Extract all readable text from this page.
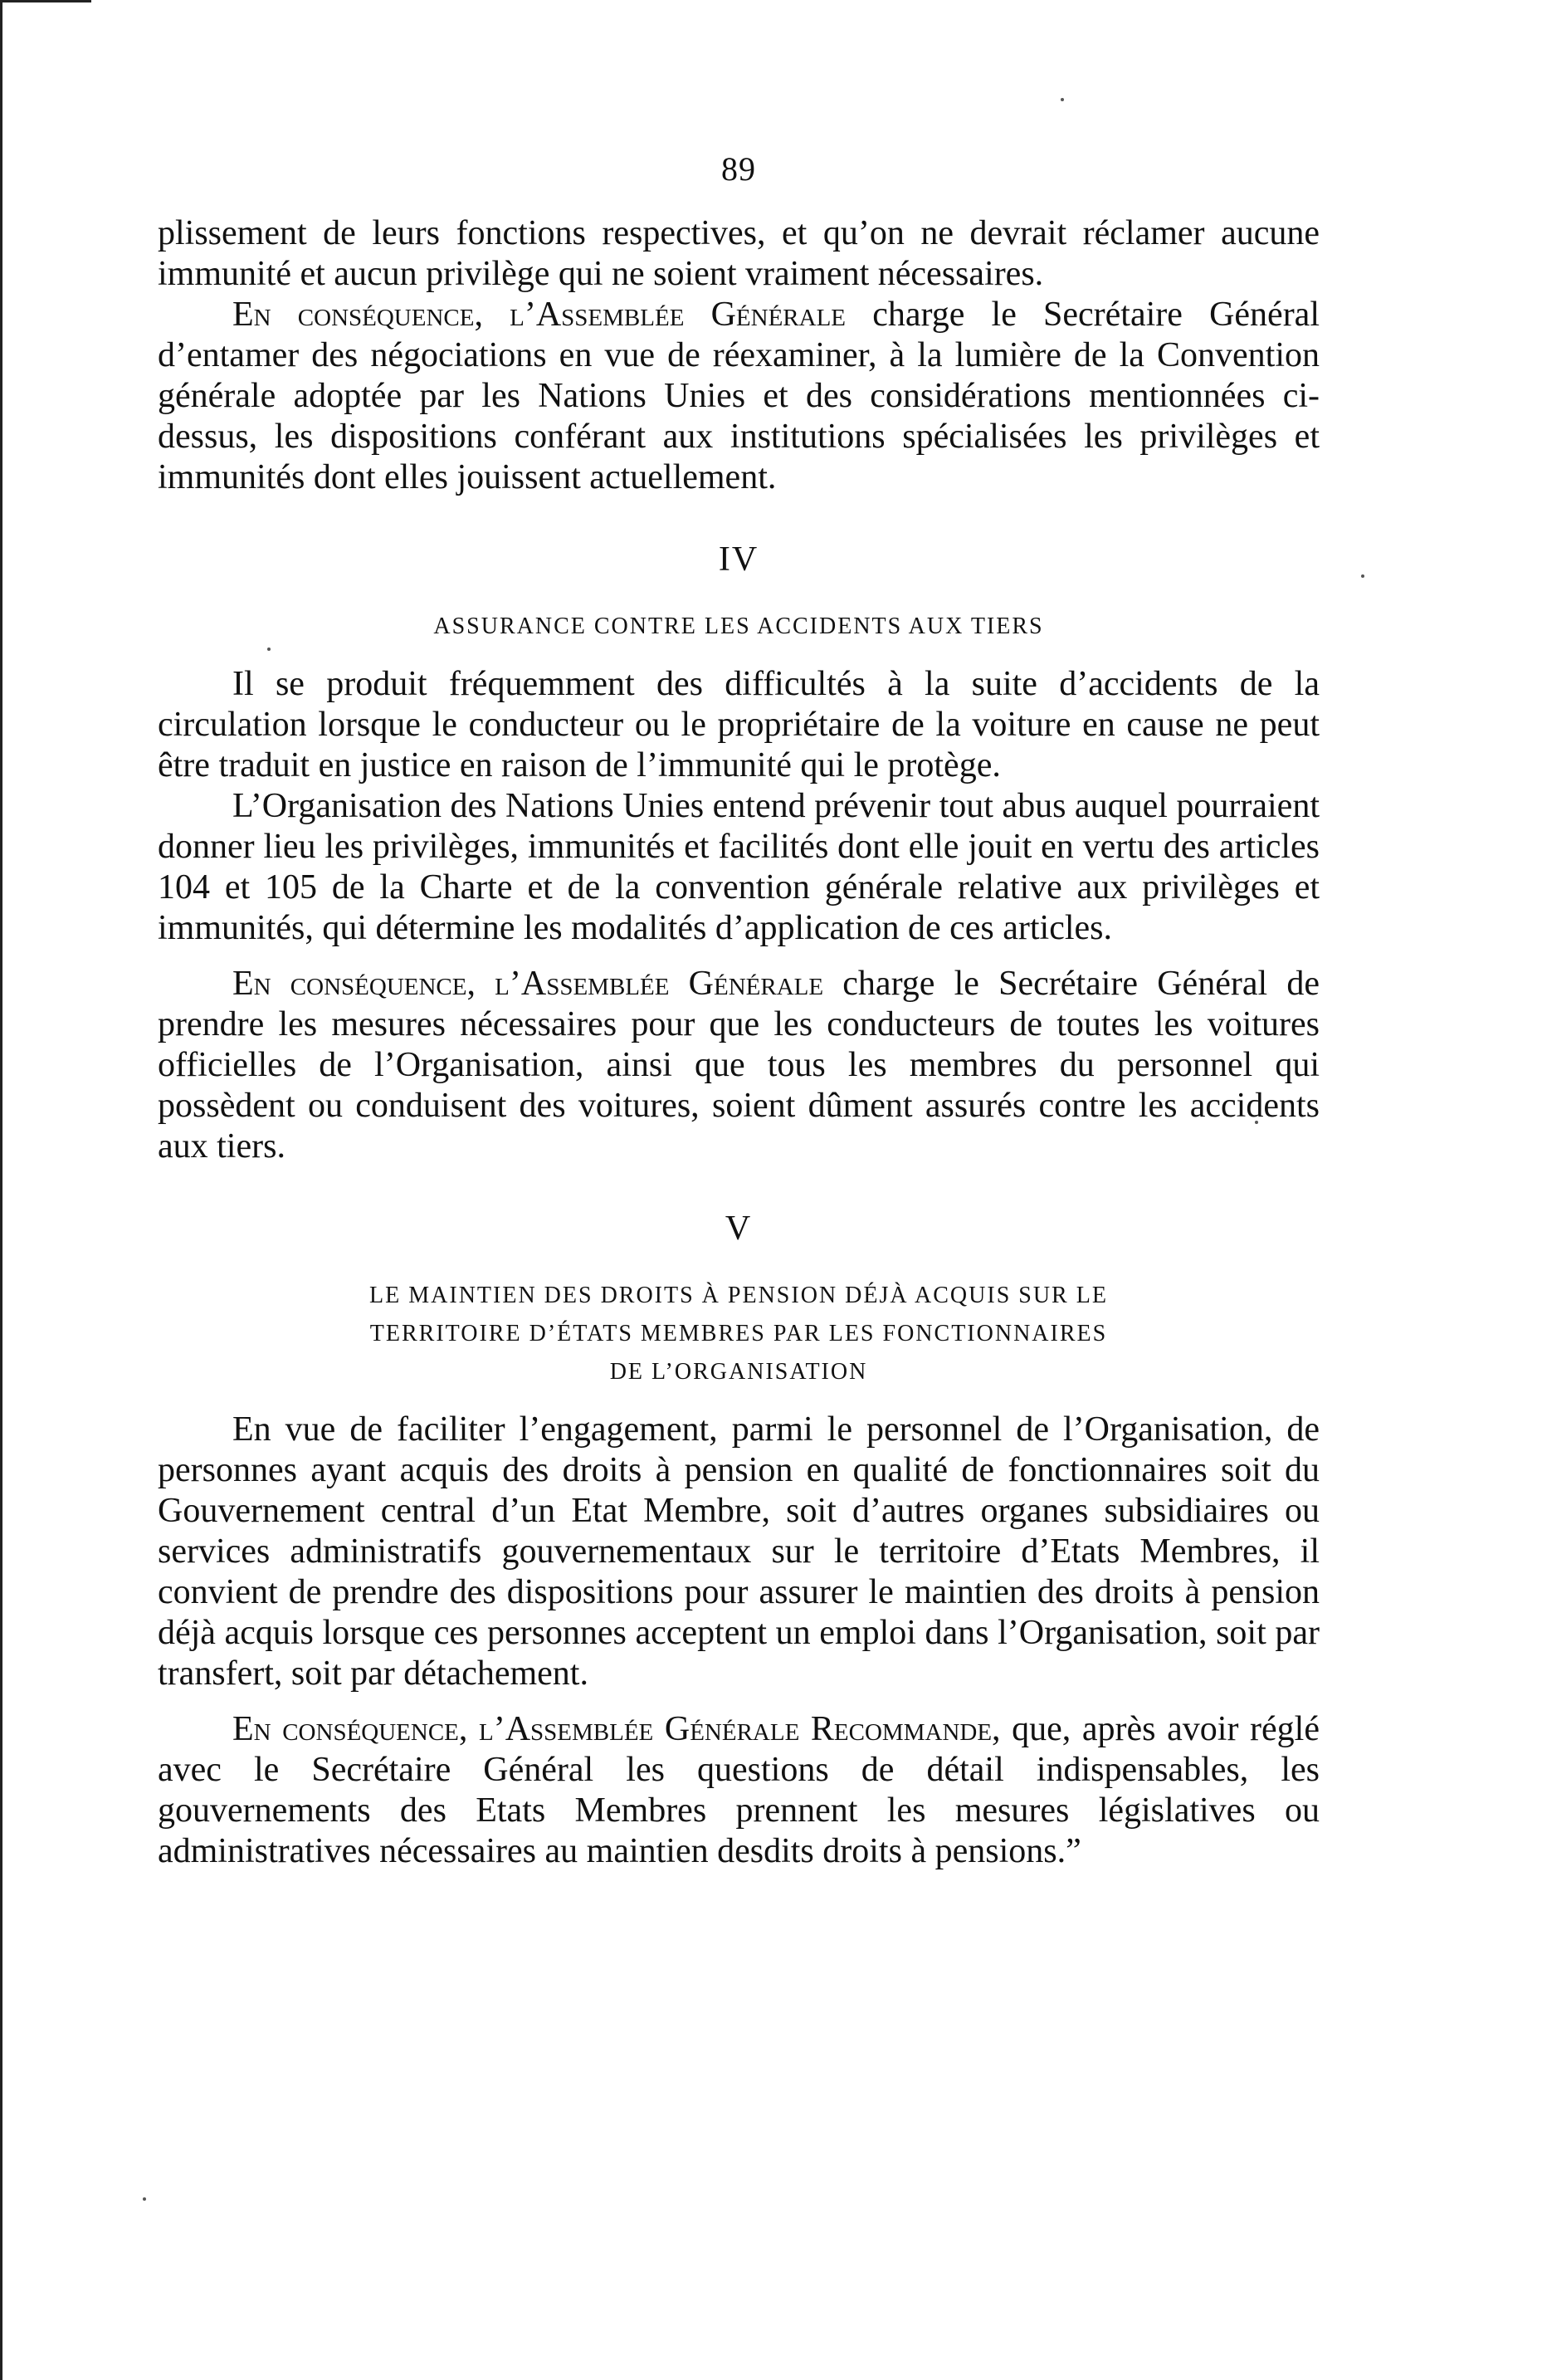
89

plissement de leurs fonctions respectives, et qu’on ne devrait réclamer aucune immunité et aucun privilège qui ne soient vraiment nécessaires.

En conséquence, l’Assemblée Générale charge le Secrétaire Général d’entamer des négociations en vue de réexaminer, à la lumière de la Convention générale adoptée par les Nations Unies et des considérations mentionnées ci-dessus, les dispositions conférant aux institutions spécialisées les privilèges et immunités dont elles jouissent actuellement.

IV
ASSURANCE CONTRE LES ACCIDENTS AUX TIERS

Il se produit fréquemment des difficultés à la suite d’accidents de la circulation lorsque le conducteur ou le propriétaire de la voiture en cause ne peut être traduit en justice en raison de l’immunité qui le protège.

L’Organisation des Nations Unies entend prévenir tout abus auquel pourraient donner lieu les privilèges, immunités et facilités dont elle jouit en vertu des articles 104 et 105 de la Charte et de la convention générale relative aux privilèges et immunités, qui détermine les modalités d’application de ces articles.

En conséquence, l’Assemblée Générale charge le Secrétaire Général de prendre les mesures nécessaires pour que les conducteurs de toutes les voitures officielles de l’Organisation, ainsi que tous les membres du personnel qui possèdent ou conduisent des voitures, soient dûment assurés contre les accidents aux tiers.

V
LE MAINTIEN DES DROITS À PENSION DÉJÀ ACQUIS SUR LE
TERRITOIRE D’ÉTATS MEMBRES PAR LES FONCTIONNAIRES
DE L’ORGANISATION

En vue de faciliter l’engagement, parmi le personnel de l’Organisation, de personnes ayant acquis des droits à pension en qualité de fonctionnaires soit du Gouvernement central d’un Etat Membre, soit d’autres organes subsidiaires ou services administratifs gouvernementaux sur le territoire d’Etats Membres, il convient de prendre des dispositions pour assurer le maintien des droits à pension déjà acquis lorsque ces personnes acceptent un emploi dans l’Organisation, soit par transfert, soit par détachement.

En conséquence, l’Assemblée Générale Recommande, que, après avoir réglé avec le Secrétaire Général les questions de détail indispensables, les gouvernements des Etats Membres prennent les mesures législatives ou administratives nécessaires au maintien desdits droits à pensions.”
